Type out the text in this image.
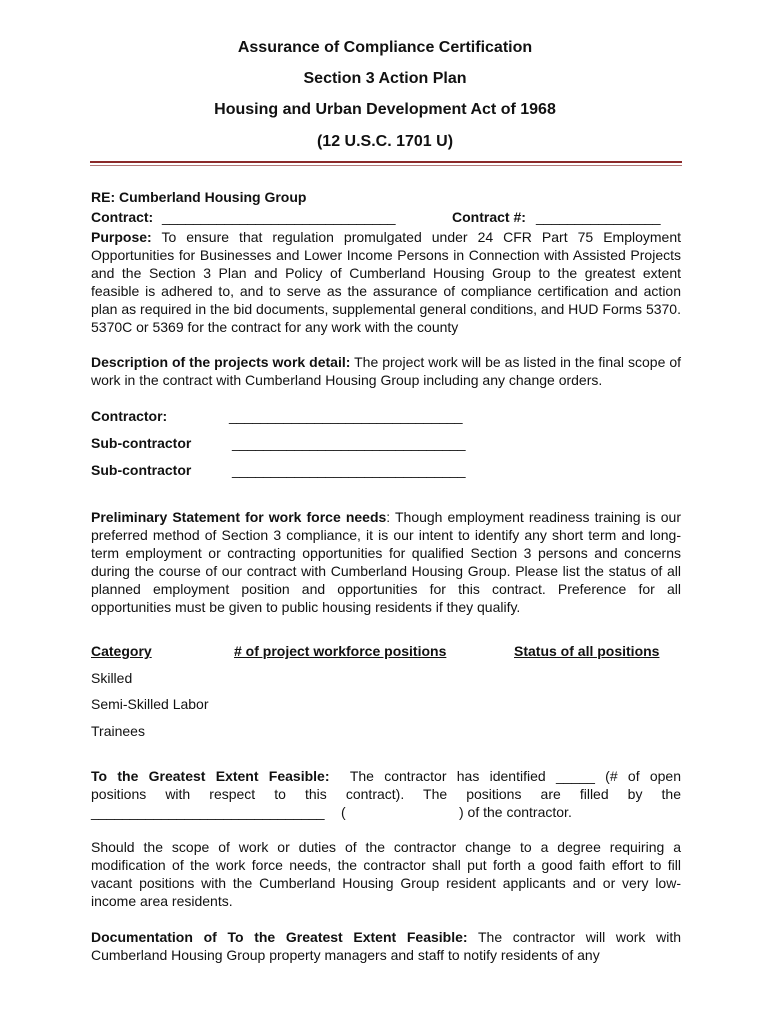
Assurance of Compliance Certification
Section 3 Action Plan
Housing and Urban Development Act of 1968
(12 U.S.C. 1701 U)
RE: Cumberland Housing Group
Contract: ______________________________	Contract #: ________________
Purpose: To ensure that regulation promulgated under 24 CFR Part 75 Employment Opportunities for Businesses and Lower Income Persons in Connection with Assisted Projects and the Section 3 Plan and Policy of Cumberland Housing Group to the greatest extent feasible is adhered to, and to serve as the assurance of compliance certification and action plan as required in the bid documents, supplemental general conditions, and HUD Forms 5370. 5370C or 5369 for the contract for any work with the county
Description of the projects work detail: The project work will be as listed in the final scope of work in the contract with Cumberland Housing Group including any change orders.
Contractor:	______________________________
Sub-contractor	______________________________
Sub-contractor	______________________________
Preliminary Statement for work force needs: Though employment readiness training is our preferred method of Section 3 compliance, it is our intent to identify any short term and long-term employment or contracting opportunities for qualified Section 3 persons and concerns during the course of our contract with Cumberland Housing Group. Please list the status of all planned employment position and opportunities for this contract. Preference for all opportunities must be given to public housing residents if they qualify.
Category	# of project workforce positions	Status of all positions
Skilled
Semi-Skilled Labor
Trainees
To the Greatest Extent Feasible: The contractor has identified _____ (# of open
positions with respect to this contract). The positions are filled by the
______________________________ (	) of the contractor.
Should the scope of work or duties of the contractor change to a degree requiring a modification of the work force needs, the contractor shall put forth a good faith effort to fill vacant positions with the Cumberland Housing Group resident applicants and or very low-income area residents.
Documentation of To the Greatest Extent Feasible: The contractor will work with Cumberland Housing Group property managers and staff to notify residents of any
